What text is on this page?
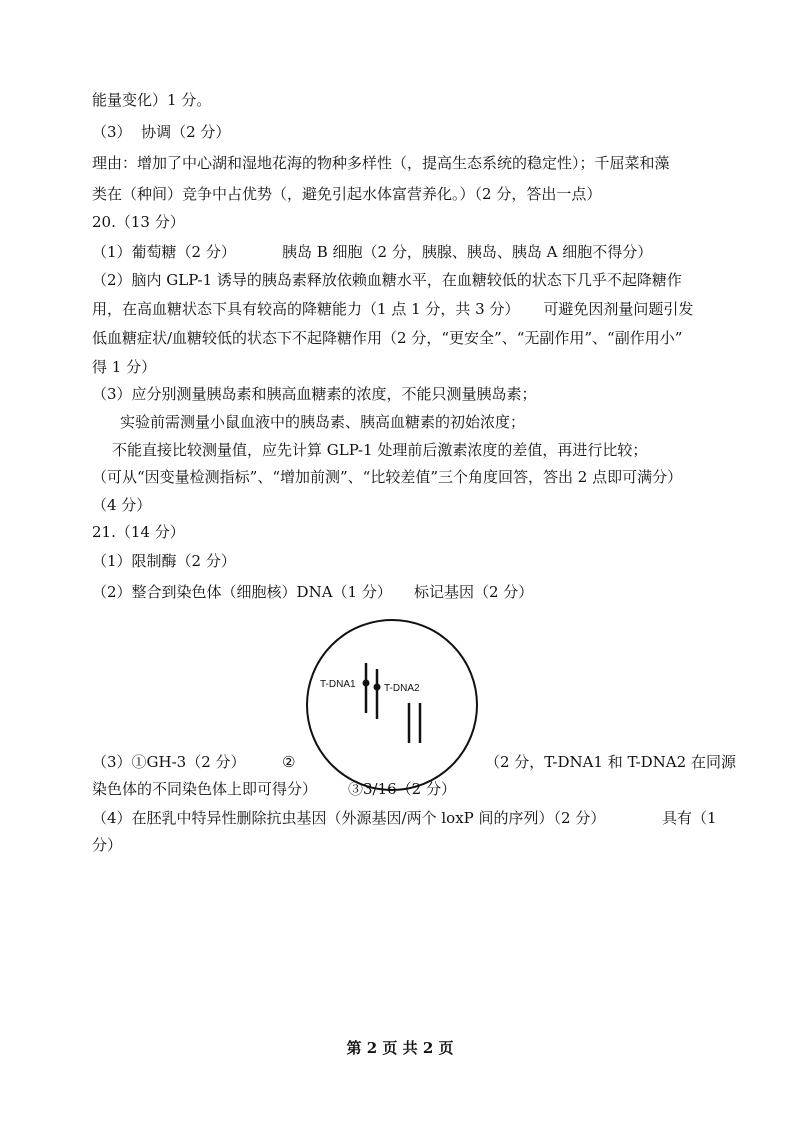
能量变化）1 分。
（3）  协调（2 分）
理由：增加了中心湖和湿地花海的物种多样性（，提高生态系统的稳定性）；千屈菜和藻
类在（种间）竞争中占优势（，避免引起水体富营养化。）（2 分，答出一点）
20.（13 分）
（1）葡萄糖（2 分）	胰岛 B 细胞（2 分，胰腺、胰岛、胰岛 A 细胞不得分）
（2）脑内 GLP-1 诱导的胰岛素释放依赖血糖水平，在血糖较低的状态下几乎不起降糖作
用，在高血糖状态下具有较高的降糖能力（1 点 1 分，共 3 分）     可避免因剂量问题引发
低血糖症状/血糖较低的状态下不起降糖作用（2 分，“更安全”、“无副作用”、“副作用小”
得 1 分）
（3）应分别测量胰岛素和胰高血糖素的浓度，不能只测量胰岛素；
实验前需测量小鼠血液中的胰岛素、胰高血糖素的初始浓度；
不能直接比较测量值，应先计算 GLP-1 处理前后激素浓度的差值，再进行比较；
（可从“因变量检测指标”、“增加前测”、“比较差值”三个角度回答，答出 2 点即可满分）
（4 分）
21.（14 分）
（1）限制酶（2 分）
（2）整合到染色体（细胞核）DNA（1 分） 标记基因（2 分）
T-DNA1	T-DNA2
（3）①GH-3（2 分） ②	（2 分，T-DNA1 和 T-DNA2 在同源
染色体的不同染色体上即可得分） ③3/16（2 分）
（4）在胚乳中特异性删除抗虫基因（外源基因/两个 loxP 间的序列）（2 分）	具有（1
分）
第 2 页 共 2 页
